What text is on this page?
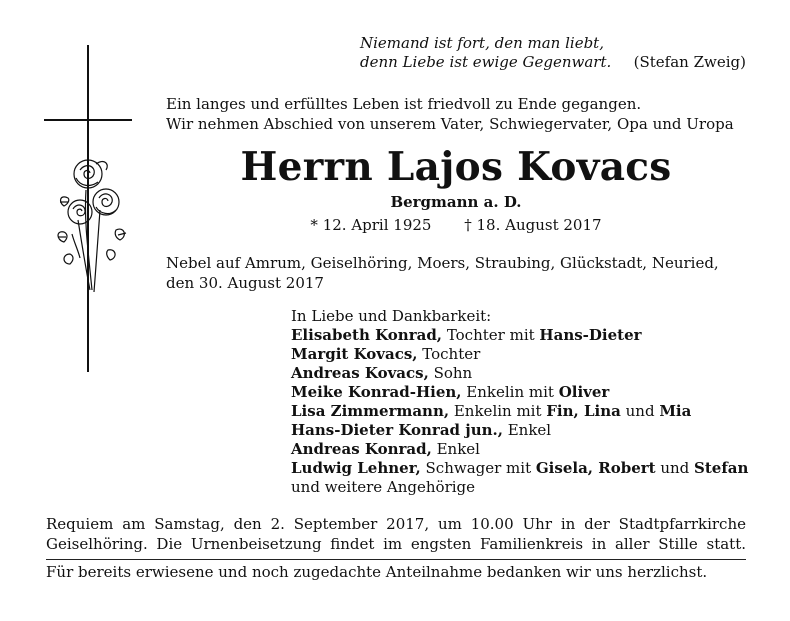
Niemand ist fort, den man liebt,
denn Liebe ist ewige Gegenwart.	(Stefan Zweig)
Ein langes und erfülltes Leben ist friedvoll zu Ende gegangen.
Wir nehmen Abschied von unserem Vater, Schwiegervater, Opa und Uropa
Herrn Lajos Kovacs
Bergmann a. D.
* 12. April 1925 † 18. August 2017
Nebel auf Amrum, Geiselhöring, Moers, Straubing, Glückstadt, Neuried, den 30. August 2017
In Liebe und Dankbarkeit:
Elisabeth Konrad, Tochter mit Hans-Dieter
Margit Kovacs, Tochter
Andreas Kovacs, Sohn
Meike Konrad-Hien, Enkelin mit Oliver
Lisa Zimmermann, Enkelin mit Fin, Lina und Mia
Hans-Dieter Konrad jun., Enkel
Andreas Konrad, Enkel
Ludwig Lehner, Schwager mit Gisela, Robert und Stefan
und weitere Angehörige
Requiem am Samstag, den 2. September 2017, um 10.00 Uhr in der Stadtpfarrkirche
Geiselhöring. Die Urnenbeisetzung findet im engsten Familienkreis in aller Stille statt.
Für bereits erwiesene und noch zugedachte Anteilnahme bedanken wir uns herzlichst.
